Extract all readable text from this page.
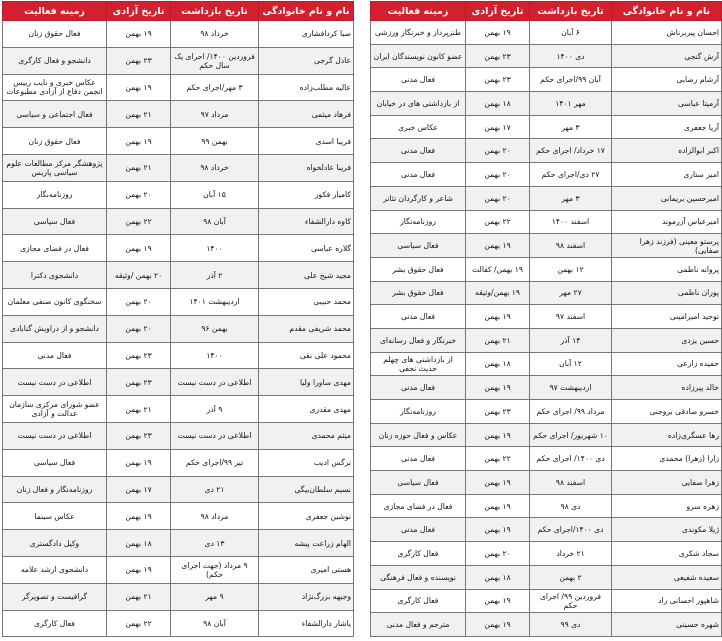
نام و نام خانوادگی	تاریخ بازداشت	تاریخ آزادی	زمینه فعالیت
احسان پیربرناش	۶ آبان	۱۹ بهمن	طنزپرداز و خبرنگار ورزشی
آرش گنجی	دی ۱۴۰۰	۲۳ بهمن	عضو کانون نویسندگان ایران
آرشام رضایی	آبان ۹۹/اجرای حکم	۲۳ بهمن	فعال مدنی
آرمیتا عباسی	مهر ۱۴۰۱	۱۸ بهمن	از بازداشتی های در خیابان
آریا جعفری	۳ مهر	۱۷ بهمن	عکاس خبری
اکبر ابوالزاده	۱۷ خرداد/ اجرای حکم	۲۰ بهمن	فعال مدنی
امیر ستاری	۲۷ دی/اجرای حکم	۲۰ بهمن	فعال مدنی
امیرحسین بریمانی	۳ مهر	۲۰ بهمن	شاعر و کارگردان تئاتر
امیرعباس آزرموند	اسفند ۱۴۰۰	۲۲ بهمن	روزنامه‌نگار
پرستو معینی (فرزند زهرا صفایی)	اسفند ۹۸	۱۹ بهمن	فعال سیاسی
پروانه ناظمی	۱۲ بهمن	۱۹ بهمن/ کفالت	فعال حقوق بشر
پوران ناظمی	۲۷ مهر	۱۹ بهمن/وثیقه	فعال حقوق بشر
توحید امیرامینی	اسفند ۹۷	۱۹ بهمن	فعال مدنی
حسین یزدی	۱۴ آذر	۲۱ بهمن	خبرنگار و فعال رسانه‌ای
حمیده زارعی	۱۲ آبان	۱۸ بهمن	از بازداشتی های چهلم حدیث نجفی
خالد پیرزاده	اردیبهشت ۹۷	۱۹ بهمن	فعال مدنی
خسرو صادقی بروجنی	مرداد ۹۹/ اجرای حکم	۲۳ بهمن	روزنامه‌نگار
رها عسگری‌زاده	۱۰ شهریور/ اجرای حکم	۱۹ بهمن	عکاس و فعال حوزه زنان
زارا (زهرا) محمدی	دی ۱۴۰۰/ اجرای حکم	۲۲ بهمن	فعال مدنی
زهرا صفایی	اسفند ۹۸	۱۹ بهمن	فعال سیاسی
زهره سرو	دی ۹۸	۱۹ بهمن	فعال در فضای مجازی
ژیلا مکوندی	دی ۱۴۰۰/اجرای حکم	۱۹ بهمن	فعال مدنی
سجاد شکری	۲۱ خرداد	۲۰ بهمن	فعال کارگری
سعیده شفیعی	۲ بهمن	۱۸ بهمن	نویسنده و فعال فرهنگی
شاهپور احسانی راد	فروردین ۹۹/ اجرای حکم	۱۹ بهمن	فعال کارگری
شهره حسینی	دی ۹۹	۱۹ بهمن	مترجم و فعال مدنی
نام و نام خانوادگی	تاریخ بازداشت	تاریخ آزادی	زمینه فعالیت
صبا کردافشاری	خرداد ۹۸	۱۹ بهمن	فعال حقوق زنان
عادل گرجی	فروردین ۱۴۰۰/ اجرای یک سال حکم	۲۳ بهمن	دانشجو و فعال کارگری
عالیه مطلب‌زاده	۳ مهر/اجرای حکم	۱۹ بهمن	عکاس خبری و نایب رییس انجمن دفاع از آزادی مطبوعات
فرهاد میثمی	مرداد ۹۷	۲۱ بهمن	فعال اجتماعی و سیاسی
فریبا اسدی	بهمن ۹۹	۱۹ بهمن	فعال حقوق زنان
فریبا عادلخواه	خرداد ۹۸	۲۱ بهمن	پژوهشگر مرکز مطالعات علوم سیاسی پاریس
کامیار فکور	۱۵ آبان	۲۰ بهمن	روزنامه‌نگار
کاوه دارالشفاء	آبان ۹۸	۲۲ بهمن	فعال سیاسی
گلاره عباسی	۱۴۰۰	۱۹ بهمن	فعال در فضای مجازی
مجید شیخ علی	۲ آذر	۲۰ بهمن /وثیقه	دانشجوی دکترا
محمد حبیبی	اردیبهشت ۱۴۰۱	۲۰ بهمن	سخنگوی کانون صنفی معلمان
محمد شریفی مقدم	بهمن ۹۶	۲۰ بهمن	دانشجو و از دراویش گنابادی
محمود علی نقی	۱۴۰۰	۲۳ بهمن	فعال مدنی
مهدی ساورا ولیا	اطلاعی در دست نیست	۲۳ بهمن	اطلاعی در دست نیست
مهدی مقدری	۹ آذر	۲۱ بهمن	عضو شورای مرکزی سازمان عدالت و آزادی
میثم محمدی	اطلاعی در دست نیست	۲۳ بهمن	اطلاعی در دست نیست
نرگس ادیب	تیر ۹۹/اجرای حکم	۱۹ بهمن	فعال سیاسی
نسیم سلطان‌بیگی	۲۱ دی	۱۷ بهمن	روزنامه‌نگار و فعال زنان
نوشین جعفری	مرداد ۹۸	۱۹ بهمن	عکاس سینما
الهام زراعت پیشه	۱۳ دی	۱۸ بهمن	وکیل دادگستری
هستی امیری	۹ مرداد (جهت اجرای حکم)	۱۹ بهمن	دانشجوی ارشد علامه
وجیهه بزرگ‌نژاد	۹ مهر	۲۱ بهمن	گرافیست و تصویرگر
یاشار دارالشفاء	آبان ۹۸	۲۲ بهمن	فعال کارگری
